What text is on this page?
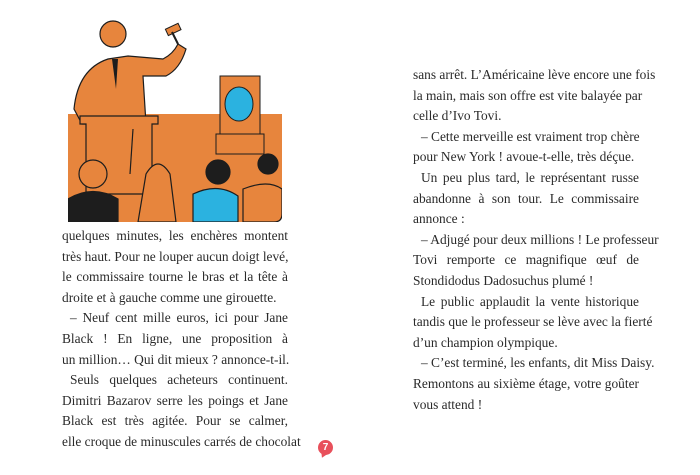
quelques minutes, les enchères montent
très haut. Pour ne louper aucun doigt levé,
le commissaire tourne le bras et la tête à
droite et à gauche comme une girouette.
– Neuf cent mille euros, ici pour Jane
Black ! En ligne, une proposition à
un million… Qui dit mieux ? annonce-t-il.
Seuls quelques acheteurs continuent.
Dimitri Bazarov serre les poings et Jane
Black est très agitée. Pour se calmer,
elle croque de minuscules carrés de chocolat
sans arrêt. L’Américaine lève encore une fois
la main, mais son offre est vite balayée par
celle d’Ivo Tovi.
– Cette merveille est vraiment trop chère
pour New York ! avoue-t-elle, très déçue.
Un peu plus tard, le représentant russe
abandonne à son tour. Le commissaire
annonce :
– Adjugé pour deux millions ! Le professeur
Tovi remporte ce magnifique œuf de
Stondidodus Dadosuchus plumé !
Le public applaudit la vente historique
tandis que le professeur se lève avec la fierté
d’un champion olympique.
– C’est terminé, les enfants, dit Miss Daisy.
Remontons au sixième étage, votre goûter
vous attend !
7
